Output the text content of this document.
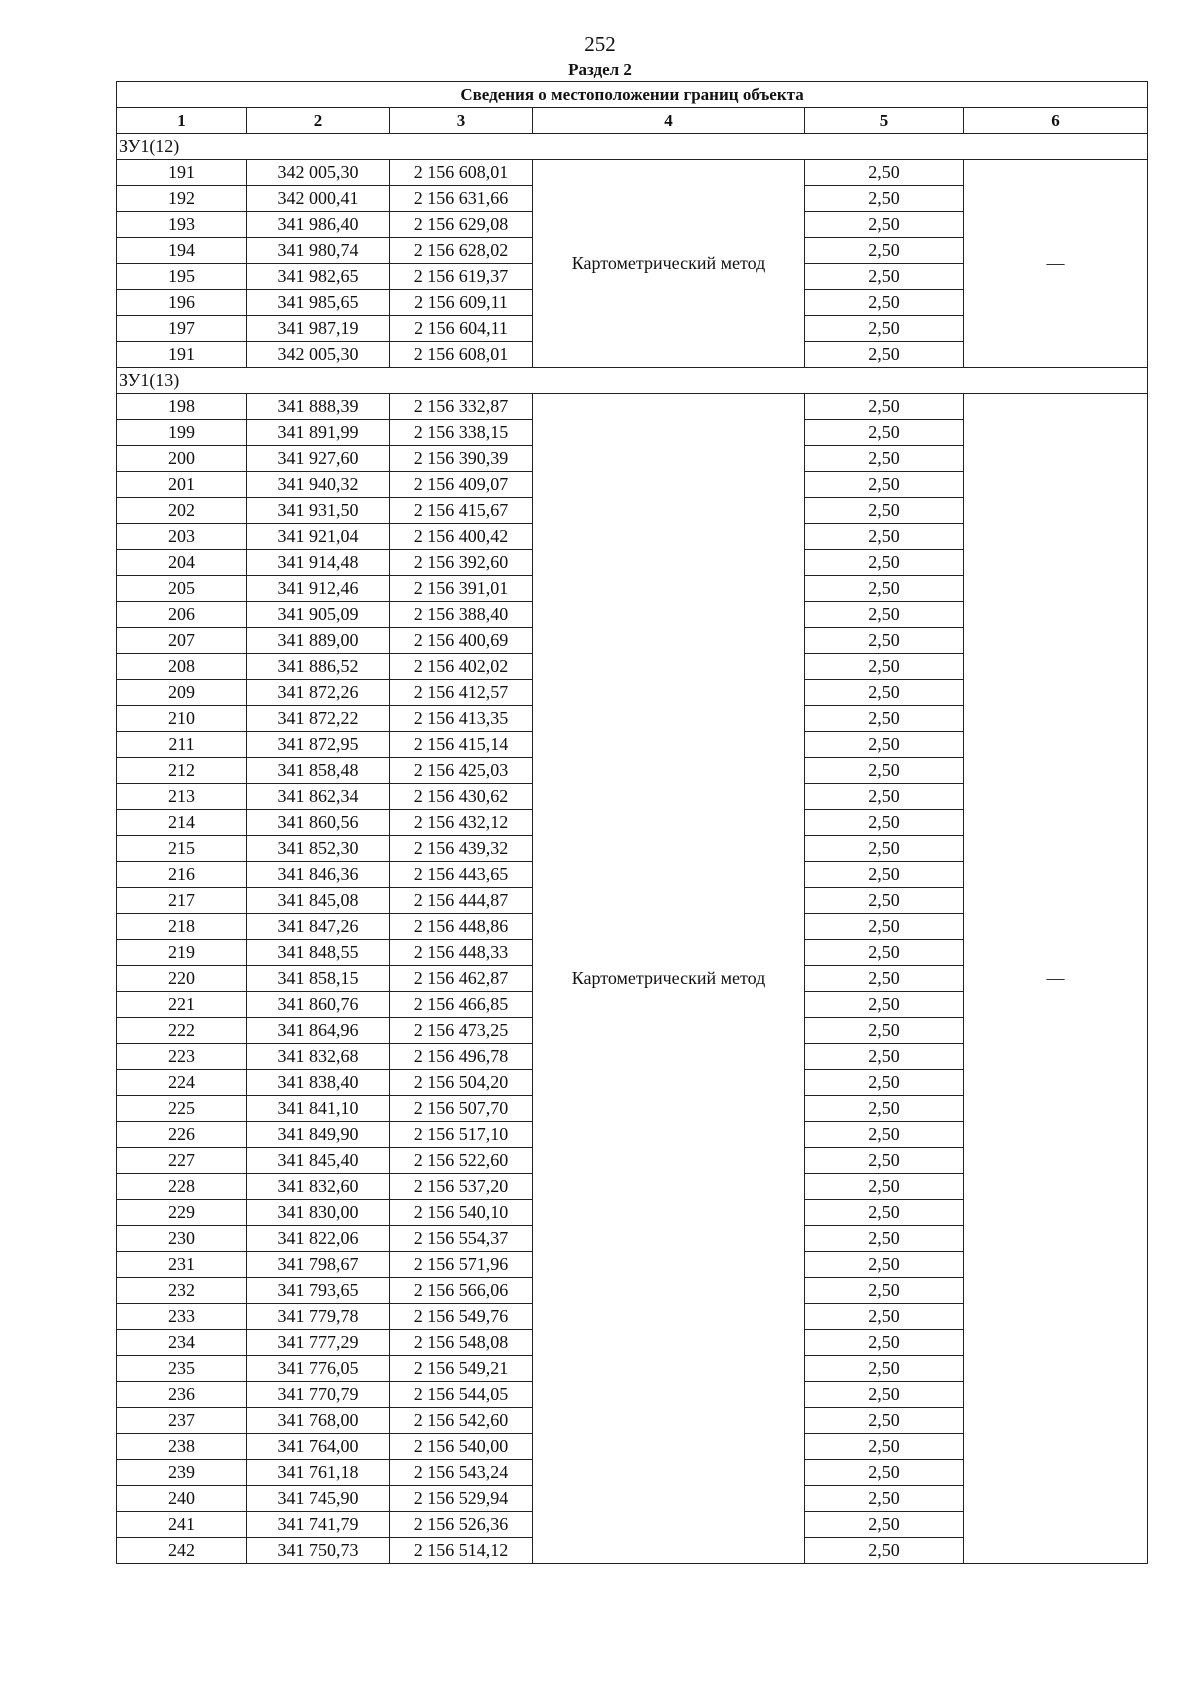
252
Раздел 2
Сведения о местоположении границ объекта					
1	2	3	4	5	6
ЗУ1(12)					
191	342 005,30	2 156 608,01	Картометрический метод	2,50	—
192	342 000,41	2 156 631,66		2,50	
193	341 986,40	2 156 629,08		2,50	
194	341 980,74	2 156 628,02		2,50	
195	341 982,65	2 156 619,37		2,50	
196	341 985,65	2 156 609,11		2,50	
197	341 987,19	2 156 604,11		2,50	
191	342 005,30	2 156 608,01		2,50	
ЗУ1(13)					
198	341 888,39	2 156 332,87	Картометрический метод	2,50	—
199	341 891,99	2 156 338,15		2,50	
200	341 927,60	2 156 390,39		2,50	
201	341 940,32	2 156 409,07		2,50	
202	341 931,50	2 156 415,67		2,50	
203	341 921,04	2 156 400,42		2,50	
204	341 914,48	2 156 392,60		2,50	
205	341 912,46	2 156 391,01		2,50	
206	341 905,09	2 156 388,40		2,50	
207	341 889,00	2 156 400,69		2,50	
208	341 886,52	2 156 402,02		2,50	
209	341 872,26	2 156 412,57		2,50	
210	341 872,22	2 156 413,35		2,50	
211	341 872,95	2 156 415,14		2,50	
212	341 858,48	2 156 425,03		2,50	
213	341 862,34	2 156 430,62		2,50	
214	341 860,56	2 156 432,12		2,50	
215	341 852,30	2 156 439,32		2,50	
216	341 846,36	2 156 443,65		2,50	
217	341 845,08	2 156 444,87		2,50	
218	341 847,26	2 156 448,86		2,50	
219	341 848,55	2 156 448,33		2,50	
220	341 858,15	2 156 462,87		2,50	
221	341 860,76	2 156 466,85		2,50	
222	341 864,96	2 156 473,25		2,50	
223	341 832,68	2 156 496,78		2,50	
224	341 838,40	2 156 504,20		2,50	
225	341 841,10	2 156 507,70		2,50	
226	341 849,90	2 156 517,10		2,50	
227	341 845,40	2 156 522,60		2,50	
228	341 832,60	2 156 537,20		2,50	
229	341 830,00	2 156 540,10		2,50	
230	341 822,06	2 156 554,37		2,50	
231	341 798,67	2 156 571,96		2,50	
232	341 793,65	2 156 566,06		2,50	
233	341 779,78	2 156 549,76		2,50	
234	341 777,29	2 156 548,08		2,50	
235	341 776,05	2 156 549,21		2,50	
236	341 770,79	2 156 544,05		2,50	
237	341 768,00	2 156 542,60		2,50	
238	341 764,00	2 156 540,00		2,50	
239	341 761,18	2 156 543,24		2,50	
240	341 745,90	2 156 529,94		2,50	
241	341 741,79	2 156 526,36		2,50	
242	341 750,73	2 156 514,12		2,50	
